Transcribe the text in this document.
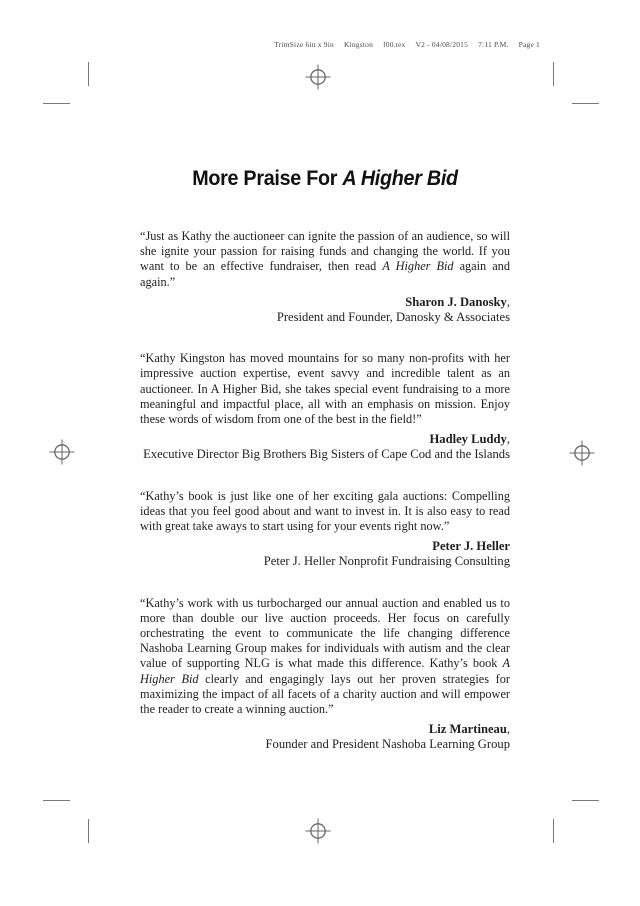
TrimSize 6in x 9in Kingston f00.tex V2 - 04/08/2015 7:11 P.M. Page 1
More Praise For A Higher Bid
“Just as Kathy the auctioneer can ignite the passion of an audience, so will she ignite your passion for raising funds and changing the world. If you want to be an effective fundraiser, then read A Higher Bid again and again.”
Sharon J. Danosky,
President and Founder, Danosky & Associates
“Kathy Kingston has moved mountains for so many non-profits with her impressive auction expertise, event savvy and incredible talent as an auctioneer. In A Higher Bid, she takes special event fundraising to a more meaningful and impactful place, all with an emphasis on mission. Enjoy these words of wisdom from one of the best in the field!”
Hadley Luddy,
Executive Director Big Brothers Big Sisters of Cape Cod and the Islands
“Kathy’s book is just like one of her exciting gala auctions: Compelling ideas that you feel good about and want to invest in. It is also easy to read with great take aways to start using for your events right now.”
Peter J. Heller
Peter J. Heller Nonprofit Fundraising Consulting
“Kathy’s work with us turbocharged our annual auction and enabled us to more than double our live auction proceeds. Her focus on carefully orchestrating the event to communicate the life changing difference Nashoba Learning Group makes for individuals with autism and the clear value of supporting NLG is what made this difference. Kathy’s book A Higher Bid clearly and engagingly lays out her proven strategies for maximizing the impact of all facets of a charity auction and will empower the reader to create a winning auction.”
Liz Martineau,
Founder and President Nashoba Learning Group
